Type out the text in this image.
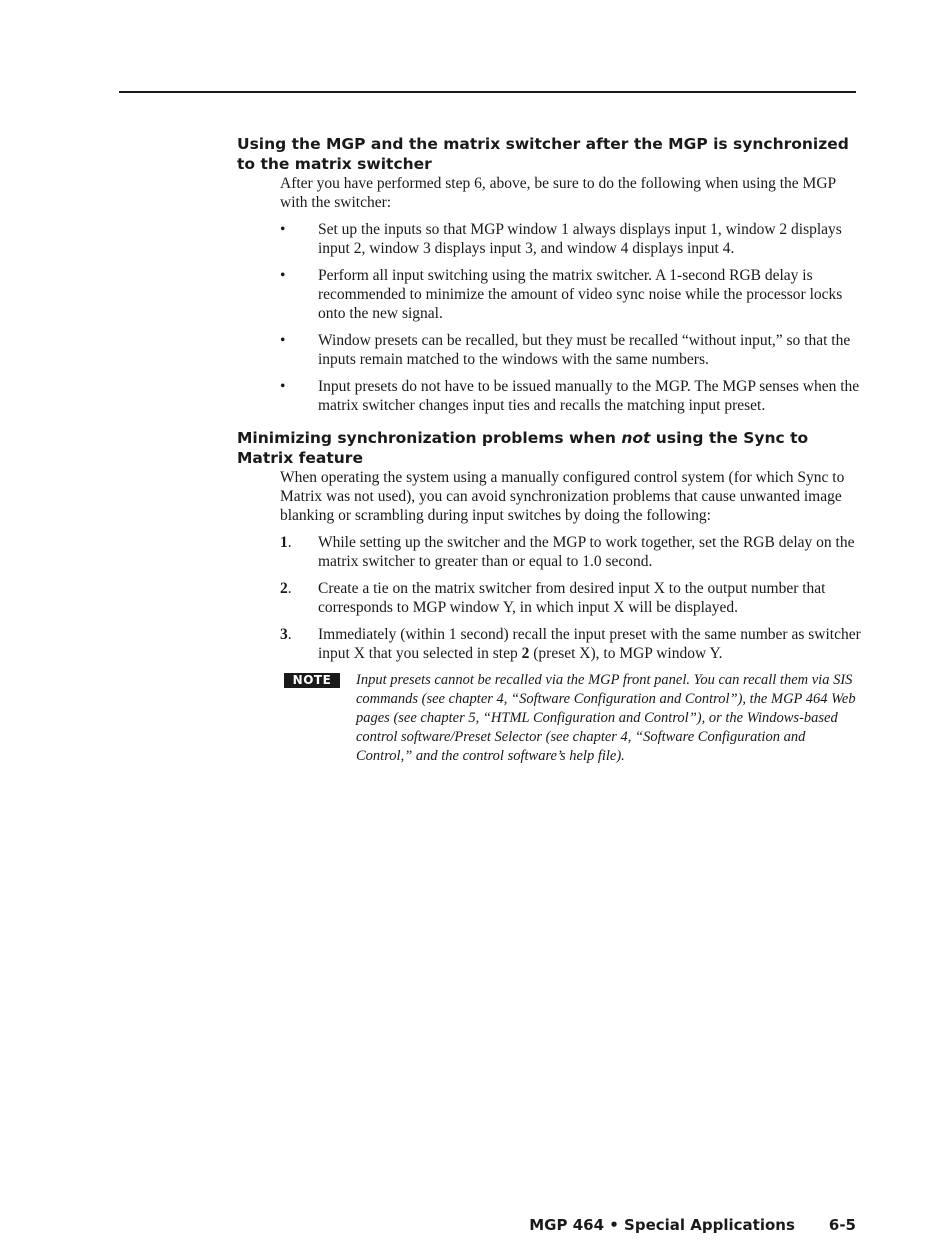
Using the MGP and the matrix switcher after the MGP is synchronized to the matrix switcher

After you have performed step 6, above, be sure to do the following when using the MGP with the switcher:

• Set up the inputs so that MGP window 1 always displays input 1, window 2 displays input 2, window 3 displays input 3, and window 4 displays input 4.
• Perform all input switching using the matrix switcher. A 1-second RGB delay is recommended to minimize the amount of video sync noise while the processor locks onto the new signal.
• Window presets can be recalled, but they must be recalled “without input,” so that the inputs remain matched to the windows with the same numbers.
• Input presets do not have to be issued manually to the MGP. The MGP senses when the matrix switcher changes input ties and recalls the matching input preset.
Minimizing synchronization problems when not using the Sync to Matrix feature

When operating the system using a manually configured control system (for which Sync to Matrix was not used), you can avoid synchronization problems that cause unwanted image blanking or scrambling during input switches by doing the following:

1. While setting up the switcher and the MGP to work together, set the RGB delay on the matrix switcher to greater than or equal to 1.0 second.
2. Create a tie on the matrix switcher from desired input X to the output number that corresponds to MGP window Y, in which input X will be displayed.
3. Immediately (within 1 second) recall the input preset with the same number as switcher input X that you selected in step 2 (preset X), to MGP window Y.
NOTE	Input presets cannot be recalled via the MGP front panel. You can recall them via SIS commands (see chapter 4, “Software Configuration and Control”), the MGP 464 Web pages (see chapter 5, “HTML Configuration and Control”), or the Windows-based control software/Preset Selector (see chapter 4, “Software Configuration and Control,” and the control software’s help file).
MGP 464 • Special Applications 6-5
